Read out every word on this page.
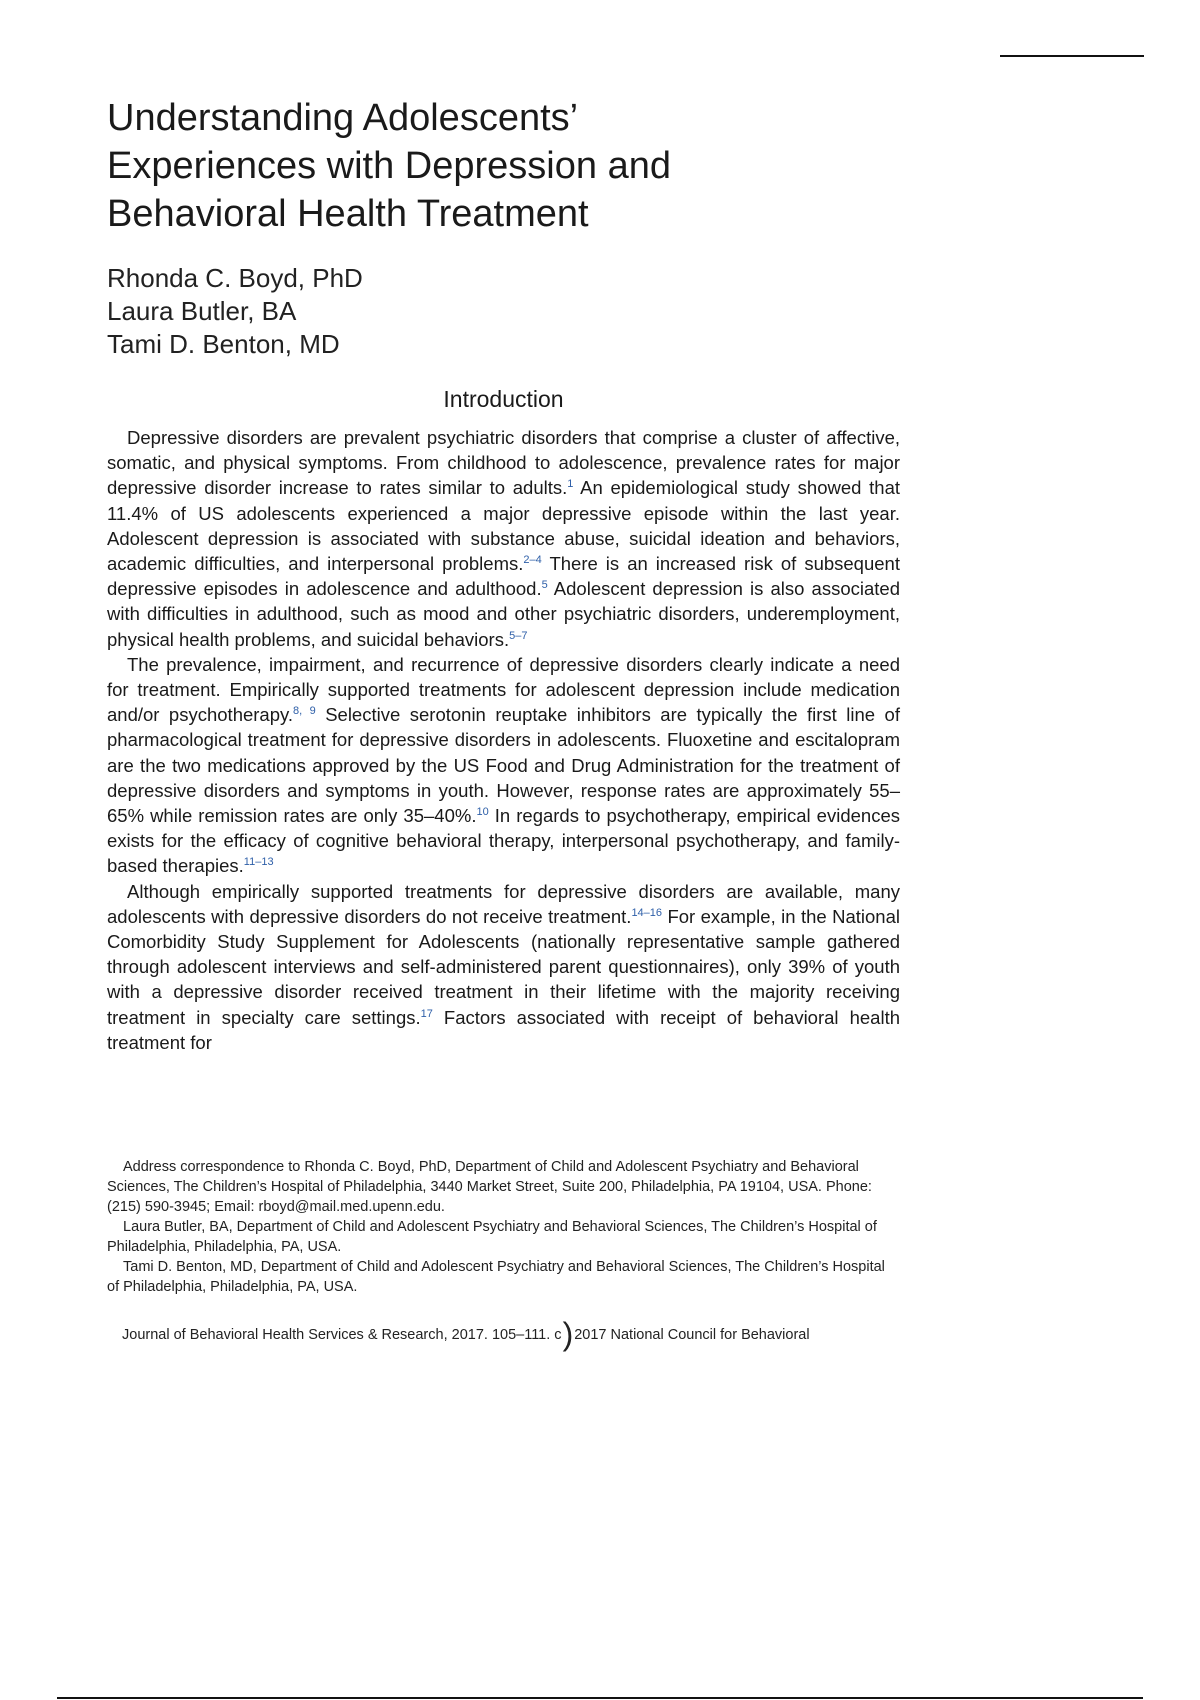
Understanding Adolescents’ Experiences with Depression and Behavioral Health Treatment
Rhonda C. Boyd, PhD
Laura Butler, BA
Tami D. Benton, MD
Introduction

Depressive disorders are prevalent psychiatric disorders that comprise a cluster of affective, somatic, and physical symptoms. From childhood to adolescence, prevalence rates for major depressive disorder increase to rates similar to adults.$^1$ An epidemiological study showed that 11.4% of US adolescents experienced a major depressive episode within the last year. Adolescent depression is associated with substance abuse, suicidal ideation and behaviors, academic difficulties, and interpersonal problems.$^{2-4}$ There is an increased risk of subsequent depressive episodes in adolescence and adulthood.$^5$ Adolescent depression is also associated with difficulties in adulthood, such as mood and other psychiatric disorders, underemployment, physical health problems, and suicidal behaviors.$^{5-7}$

The prevalence, impairment, and recurrence of depressive disorders clearly indicate a need for treatment. Empirically supported treatments for adolescent depression include medication and/or psychotherapy.$^{8, 9}$ Selective serotonin reuptake inhibitors are typically the first line of pharmacological treatment for depressive disorders in adolescents. Fluoxetine and escitalopram are the two medications approved by the US Food and Drug Administration for the treatment of depressive disorders and symptoms in youth. However, response rates are approximately 55–65% while remission rates are only 35–40%.$^{10}$ In regards to psychotherapy, empirical evidences exists for the efficacy of cognitive behavioral therapy, interpersonal psychotherapy, and family-based therapies.$^{11-13}$

Although empirically supported treatments for depressive disorders are available, many adolescents with depressive disorders do not receive treatment.$^{14-16}$ For example, in the National Comorbidity Study Supplement for Adolescents (nationally representative sample gathered through adolescent interviews and self-administered parent questionnaires), only 39% of youth with a depressive disorder received treatment in their lifetime with the majority receiving treatment in specialty care settings.$^{17}$ Factors associated with receipt of behavioral health treatment for

Address correspondence to Rhonda C. Boyd, PhD, Department of Child and Adolescent Psychiatry and Behavioral Sciences, The Children’s Hospital of Philadelphia, 3440 Market Street, Suite 200, Philadelphia, PA 19104, USA. Phone: (215) 590-3945; Email: rboyd@mail.med.upenn.edu.

Laura Butler, BA, Department of Child and Adolescent Psychiatry and Behavioral Sciences, The Children’s Hospital of Philadelphia, Philadelphia, PA, USA.

Tami D. Benton, MD, Department of Child and Adolescent Psychiatry and Behavioral Sciences, The Children’s Hospital of Philadelphia, Philadelphia, PA, USA.

Journal of Behavioral Health Services & Research, 2017. 105–111. c)2017 National Council for Behavioral
